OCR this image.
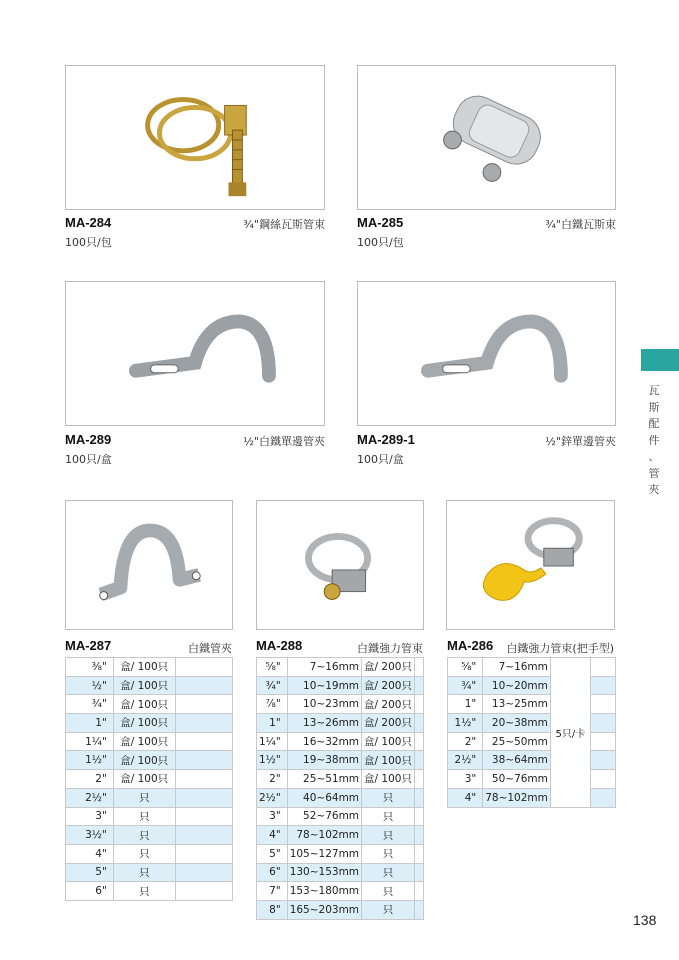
MA-284	¾"鋼絲瓦斯管束
100只/包
MA-285	¾"白鐵瓦斯束
100只/包
MA-289	½"白鐵單邊管夾
100只/盒
MA-289-1	½"鋅單邊管夾
100只/盒
MA-287	白鐵管夾 MA-288	白鐵強力管束 MA-286 白鐵強力管束(把手型)
⅜"	盒/ 100只	
½"	盒/ 100只	
¾"	盒/ 100只	
1"	盒/ 100只	
1¼"	盒/ 100只	
1½"	盒/ 100只	
2"	盒/ 100只	
2½"	只	
3"	只	
3½"	只	
4"	只	
5"	只	
6"	只	
⅝"	7~16mm	盒/ 200只	
¾"	10~19mm	盒/ 200只	
⅞"	10~23mm	盒/ 200只	
1"	13~26mm	盒/ 200只	
1¼"	16~32mm	盒/ 100只	
1½"	19~38mm	盒/ 100只	
2"	25~51mm	盒/ 100只	
2½"	40~64mm	只	
3"	52~76mm	只	
4"	78~102mm	只	
5"	105~127mm	只	
6"	130~153mm	只	
7"	153~180mm	只	
8"	165~203mm	只	
⅝"	7~16mm	5只/卡	
¾"	10~20mm		
1"	13~25mm		
1½"	20~38mm		
2"	25~50mm		
2½"	38~64mm		
3"	50~76mm		
4"	78~102mm		
瓦
斯
配
件
、
管
夾
138
